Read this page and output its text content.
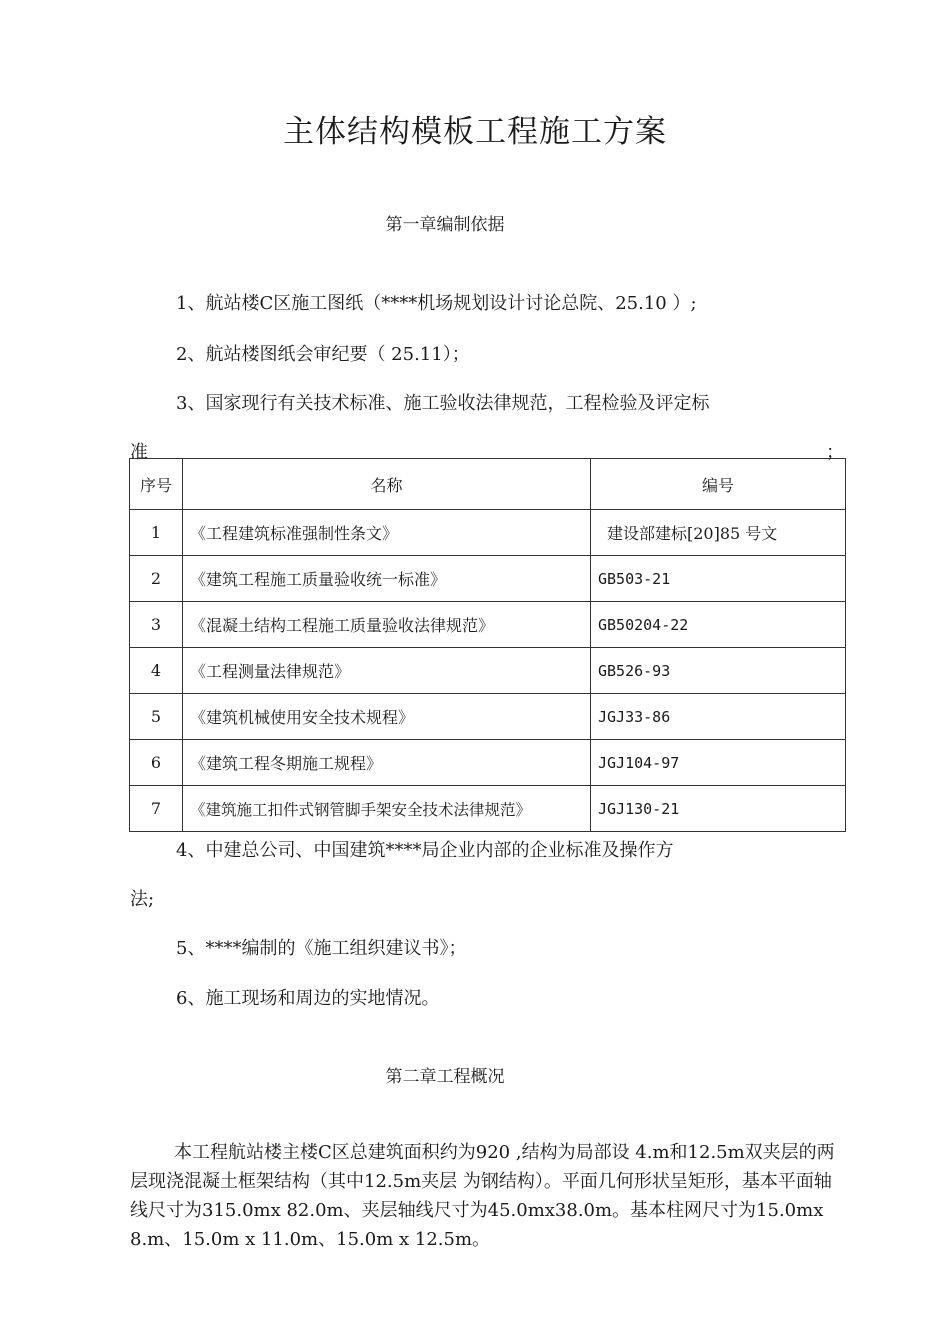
主体结构模板工程施工方案
第一章编制依据
1、航站楼C区施工图纸（****机场规划设计讨论总院、25.10 ）;
2、航站楼图纸会审纪要（ 25.11）；
3、国家现行有关技术标准、施工验收法律规范，工程检验及评定标
准	；
序号	名称	编号
1	《工程建筑标准强制性条文》	建设部建标[20]85 号文
2	《建筑工程施工质量验收统一标准》	GB503-21
3	《混凝土结构工程施工质量验收法律规范》	GB50204-22
4	《工程测量法律规范》	GB526-93
5	《建筑机械使用安全技术规程》	JGJ33-86
6	《建筑工程冬期施工规程》	JGJ104-97
7	《建筑施工扣件式钢管脚手架安全技术法律规范》	JGJ130-21
4、中建总公司、中国建筑****局企业内部的企业标准及操作方
法;
5、****编制的《施工组织建议书》；
6、施工现场和周边的实地情况。
第二章工程概况
本工程航站楼主楼C区总建筑面积约为920 ,结构为局部设 4.m和12.5m双夹层的两层现浇混凝土框架结构（其中12.5m夹层 为钢结构）。平面几何形状呈矩形，基本平面轴线尺寸为315.0mx 82.0m、夹层轴线尺寸为45.0mx38.0m。基本柱网尺寸为15.0mx 8.m、15.0m x 11.0m、15.0m x 12.5m。
